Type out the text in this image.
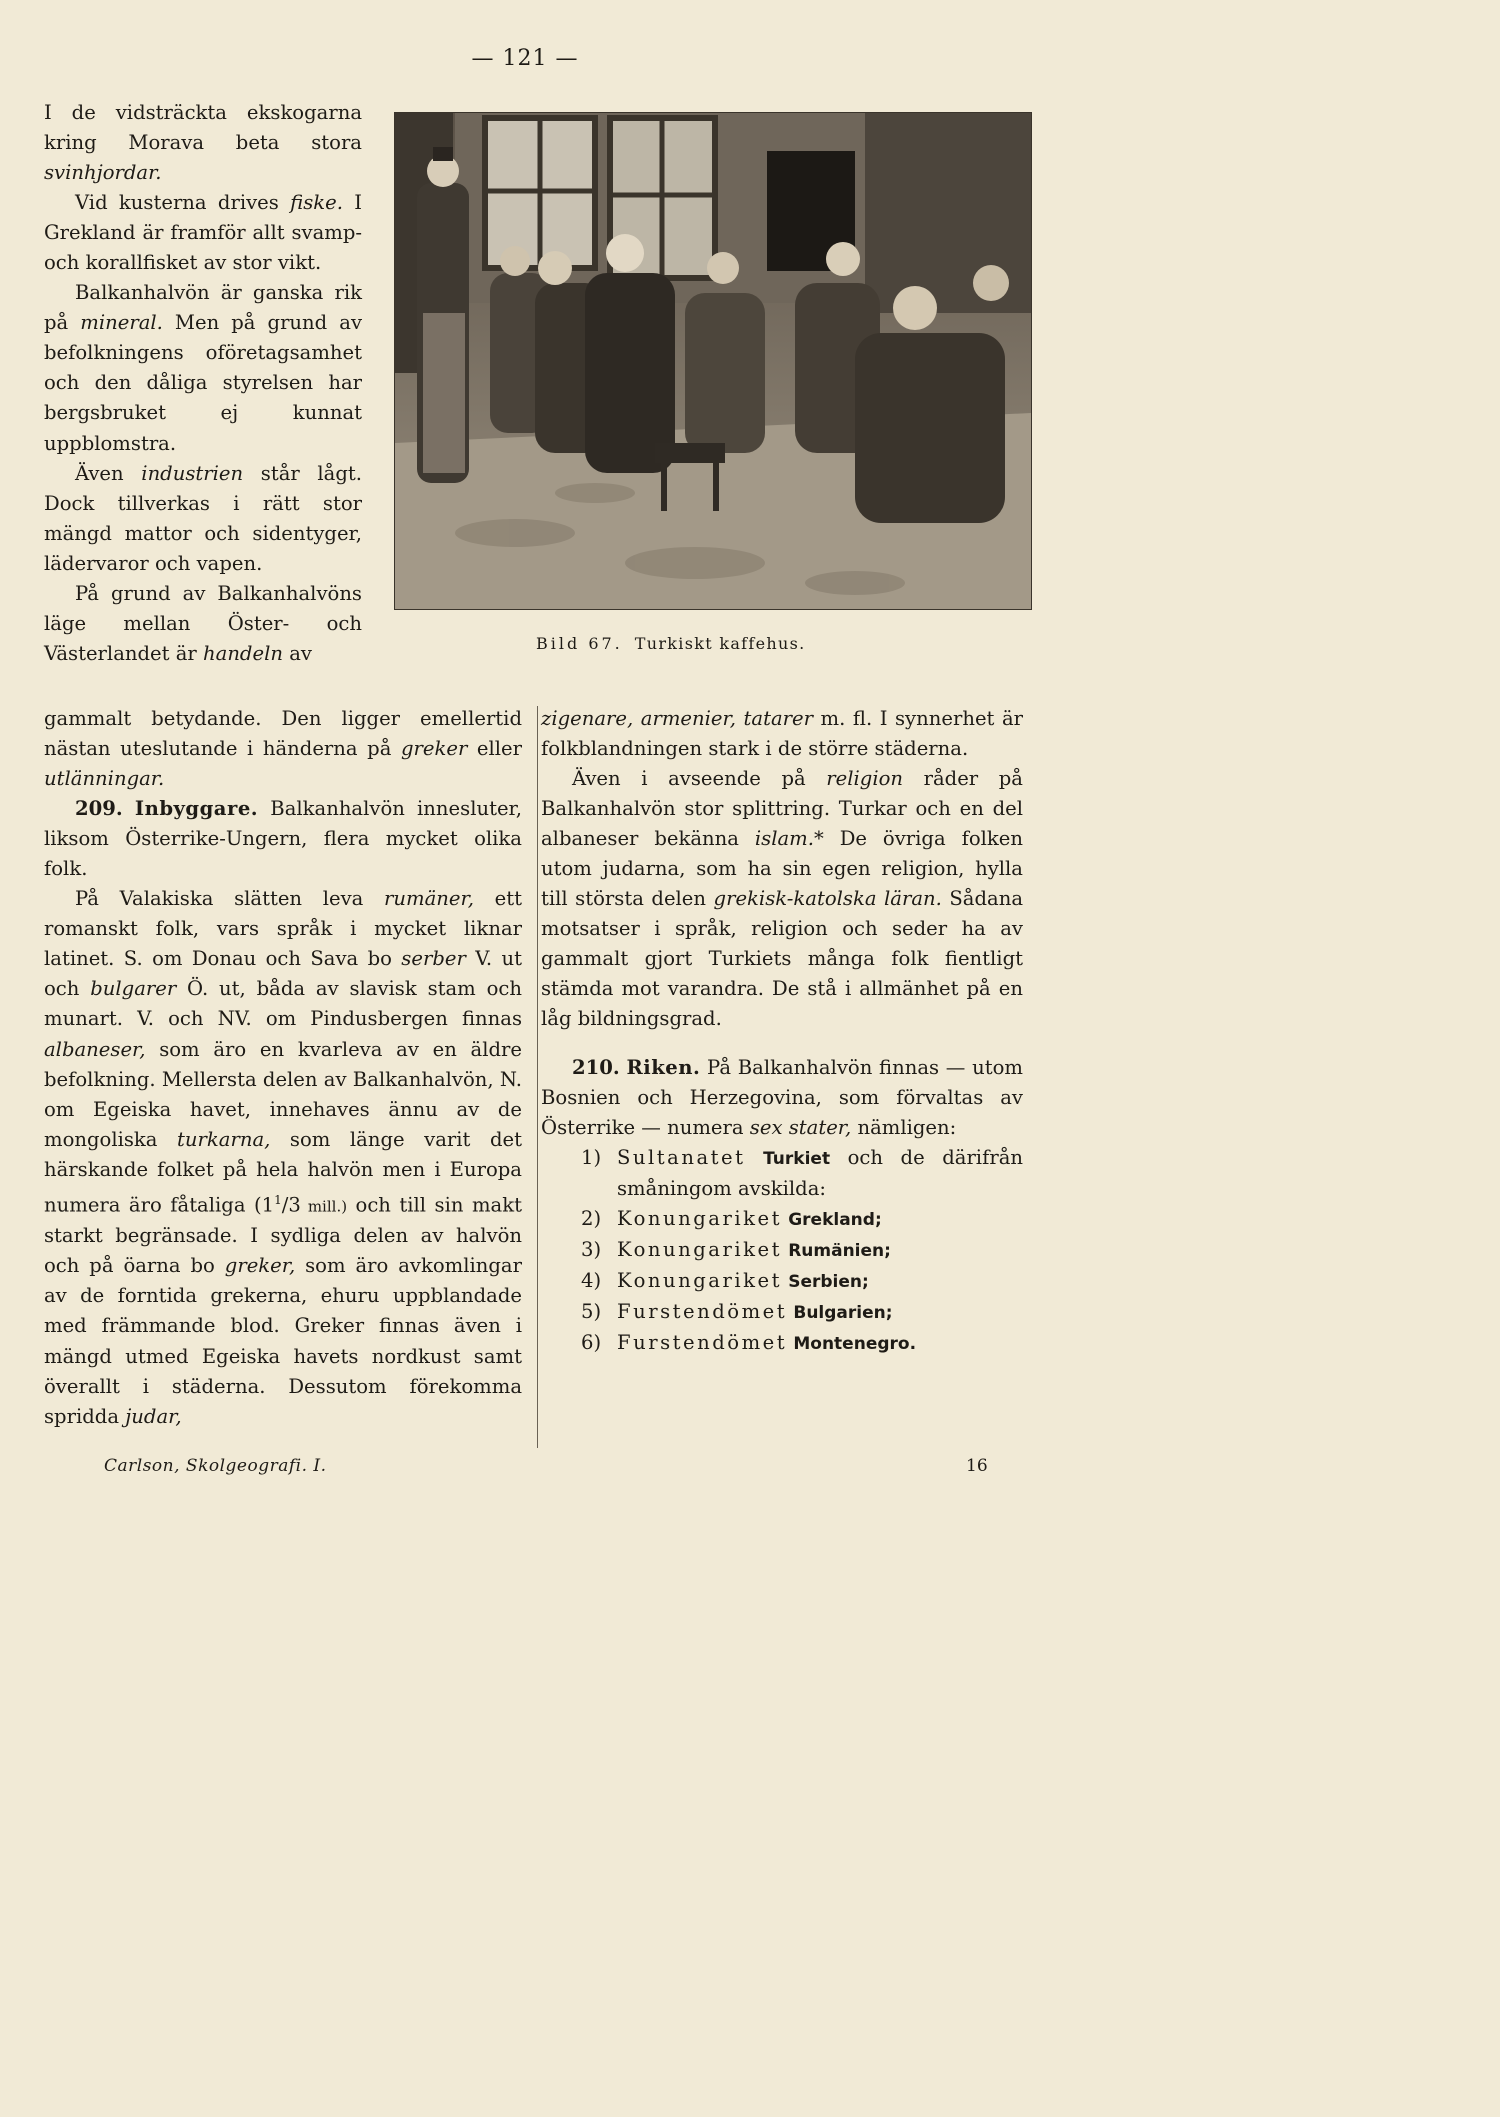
— 121 —

I de vidsträckta ekskogarna kring Morava beta stora svinhjordar.

Vid kusterna drives fiske. I Grekland är framför allt svamp- och korallfisket av stor vikt.

Balkanhalvön är ganska rik på mineral. Men på grund av befolkningens oföretagsamhet och den dåliga styrelsen har bergsbruket ej kunnat uppblomstra.

Även industrien står lågt. Dock tillverkas i rätt stor mängd mattor och sidentyger, lädervaror och vapen.

På grund av Balkanhalvöns läge mellan Öster- och Västerlandet är handeln av	Bild 67. Turkiskt kaffehus.

gammalt betydande. Den ligger emellertid nästan uteslutande i händerna på greker eller utlänningar.

209. Inbyggare. Balkanhalvön innesluter, liksom Österrike-Ungern, flera mycket olika folk.

På Valakiska slätten leva rumäner, ett romanskt folk, vars språk i mycket liknar latinet. S. om Donau och Sava bo serber V. ut och bulgarer Ö. ut, båda av slavisk stam och munart. V. och NV. om Pindusbergen finnas albaneser, som äro en kvarleva av en äldre befolkning. Mellersta delen av Balkanhalvön, N. om Egeiska havet, innehaves ännu av de mongoliska turkarna, som länge varit det härskande folket på hela halvön men i Europa numera äro fåtaliga ($1^1/3$ mill.) och till sin makt starkt begränsade. I sydliga delen av halvön och på öarna bo greker, som äro avkomlingar av de forntida grekerna, ehuru uppblandade med främmande blod. Greker finnas även i mängd utmed Egeiska havets nordkust samt överallt i städerna. Dessutom förekomma spridda judar,

zigenare, armenier, tatarer m. fl. I synnerhet är folkblandningen stark i de större städerna.

Även i avseende på religion råder på Balkanhalvön stor splittring. Turkar och en del albaneser bekänna islam.* De övriga folken utom judarna, som ha sin egen religion, hylla till största delen grekisk-katolska läran. Sådana motsatser i språk, religion och seder ha av gammalt gjort Turkiets många folk fientligt stämda mot varandra. De stå i allmänhet på en låg bildningsgrad.

210. Riken. På Balkanhalvön finnas — utom Bosnien och Herzegovina, som förvaltas av Österrike — numera sex stater, nämligen:

1) Sultanatet Turkiet och de därifrån småningom avskilda:
2) Konungariket Grekland;
3) Konungariket Rumänien;
4) Konungariket Serbien;
5) Furstendömet Bulgarien;
6) Furstendömet Montenegro.
Carlson, Skolgeografi. I.	16
